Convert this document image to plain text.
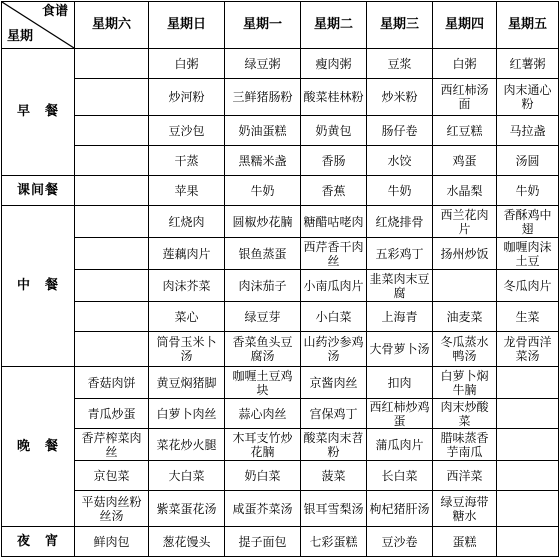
食谱
星期	星期六	星期日	星期一	星期二	星期三	星期四	星期五
早　餐		白粥	绿豆粥	瘦肉粥	豆浆	白粥	红薯粥
		炒河粉	三鲜猪肠粉	酸菜桂林粉	炒米粉	西红柿汤面	肉末通心粉
		豆沙包	奶油蛋糕	奶黄包	肠仔卷	红豆糕	马拉盏
		干蒸	黑糯米盏	香肠	水饺	鸡蛋	汤圆
课间餐		苹果	牛奶	香蕉	牛奶	水晶梨	牛奶
中　餐		红烧肉	圆椒炒花腩	糖醋咕咾肉	红烧排骨	西兰花肉片	香酥鸡中翅
		莲藕肉片	银鱼蒸蛋	西芹香干肉丝	五彩鸡丁	扬州炒饭	咖喱肉沫土豆
		肉沫芥菜	肉沫茄子	小南瓜肉片	韭菜肉末豆腐		冬瓜肉片
		菜心	绿豆芽	小白菜	上海青	油麦菜	生菜
		筒骨玉米卜汤	香菜鱼头豆腐汤	山药沙参鸡汤	大骨萝卜汤	冬瓜蒸水鸭汤	龙骨西洋菜汤
晚　餐	香菇肉饼	黄豆焖猪脚	咖喱土豆鸡块	京酱肉丝	扣肉	白萝卜焖牛腩	
	青瓜炒蛋	白萝卜肉丝	蒜心肉丝	宫保鸡丁	西红柿炒鸡蛋	肉末炒酸菜	
	香芹榨菜肉丝	菜花炒火腿	木耳支竹炒花腩	酸菜肉末苕粉	蒲瓜肉片	腊味蒸香芋南瓜	
	京包菜	大白菜	奶白菜	菠菜	长白菜	西洋菜	
	平菇肉丝粉丝汤	紫菜蛋花汤	咸蛋芥菜汤	银耳雪梨汤	枸杞猪肝汤	绿豆海带糖水	
夜　宵	鲜肉包	葱花馒头	提子面包	七彩蛋糕	豆沙卷	蛋糕	
